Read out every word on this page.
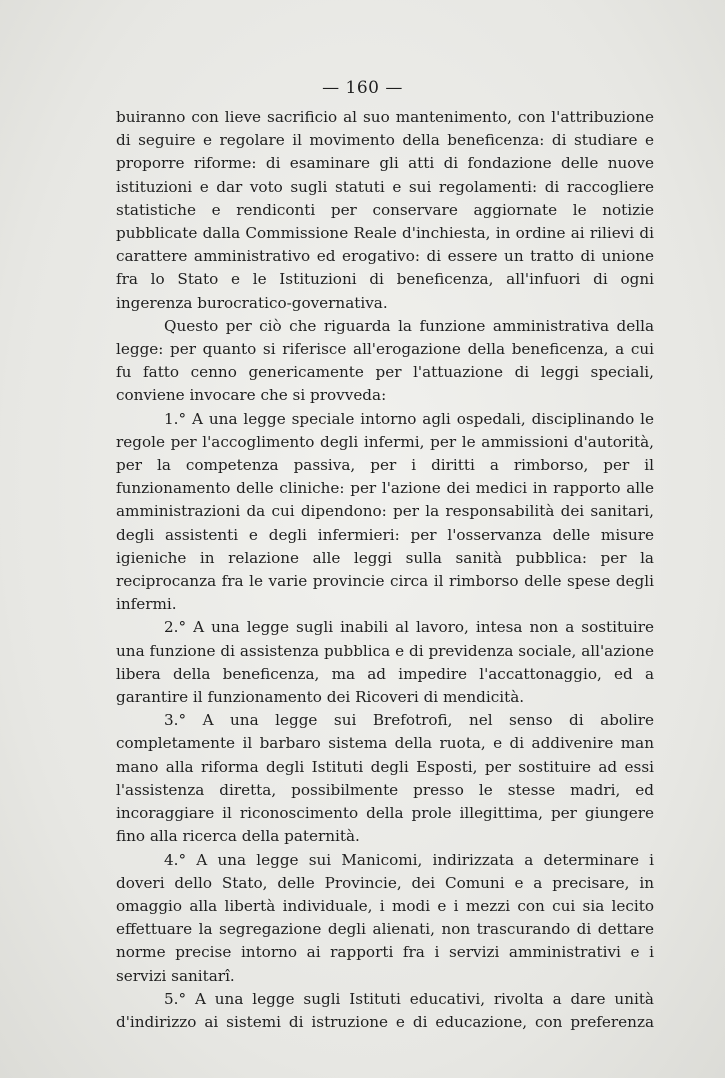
— 160 —

buiranno con lieve sacrificio al suo mantenimento, con l'attribuzione di seguire e regolare il movimento della beneficenza: di studiare e proporre riforme: di esaminare gli atti di fondazione delle nuove istituzioni e dar voto sugli statuti e sui regolamenti: di raccogliere statistiche e rendiconti per conservare aggiornate le notizie pubblicate dalla Commissione Reale d'inchiesta, in ordine ai rilievi di carattere amministrativo ed erogativo: di essere un tratto di unione fra lo Stato e le Istituzioni di beneficenza, all'infuori di ogni ingerenza burocratico-governativa.

Questo per ciò che riguarda la funzione amministrativa della legge: per quanto si riferisce all'erogazione della beneficenza, a cui fu fatto cenno genericamente per l'attuazione di leggi speciali, conviene invocare che si provveda:

1.° A una legge speciale intorno agli ospedali, disciplinando le regole per l'accoglimento degli infermi, per le ammissioni d'autorità, per la competenza passiva, per i diritti a rimborso, per il funzionamento delle cliniche: per l'azione dei medici in rapporto alle amministrazioni da cui dipendono: per la responsabilità dei sanitari, degli assistenti e degli infermieri: per l'osservanza delle misure igieniche in relazione alle leggi sulla sanità pubblica: per la reciprocanza fra le varie provincie circa il rimborso delle spese degli infermi.

2.° A una legge sugli inabili al lavoro, intesa non a sostituire una funzione di assistenza pubblica e di previdenza sociale, all'azione libera della beneficenza, ma ad impedire l'accattonaggio, ed a garantire il funzionamento dei Ricoveri di mendicità.

3.° A una legge sui Brefotrofi, nel senso di abolire completamente il barbaro sistema della ruota, e di addivenire man mano alla riforma degli Istituti degli Esposti, per sostituire ad essi l'assistenza diretta, possibilmente presso le stesse madri, ed incoraggiare il riconoscimento della prole illegittima, per giungere fino alla ricerca della paternità.

4.° A una legge sui Manicomi, indirizzata a determinare i doveri dello Stato, delle Provincie, dei Comuni e a precisare, in omaggio alla libertà individuale, i modi e i mezzi con cui sia lecito effettuare la segregazione degli alienati, non trascurando di dettare norme precise intorno ai rapporti fra i servizi amministrativi e i servizi sanitarî.

5.° A una legge sugli Istituti educativi, rivolta a dare unità d'indirizzo ai sistemi di istruzione e di educazione, con preferenza
